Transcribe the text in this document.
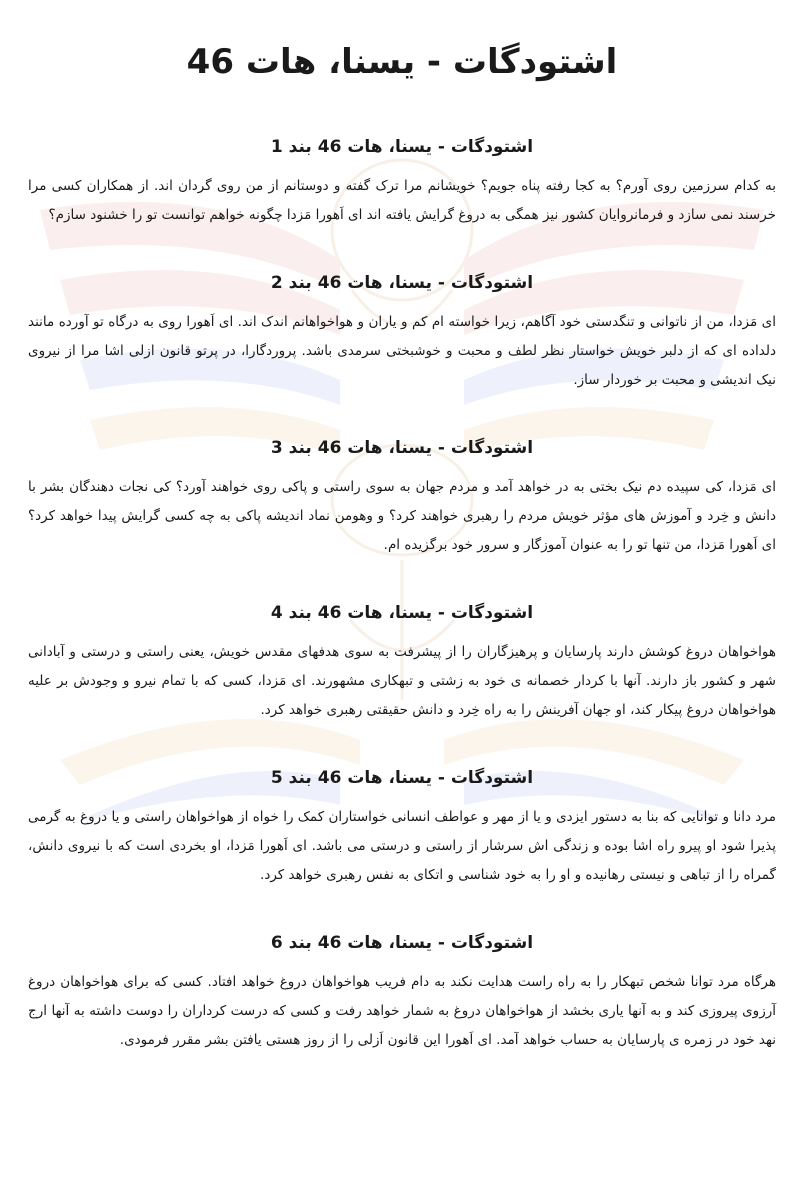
اشتودگات - یسنا، هات 46
اشتودگات - یسنا، هات 46 بند 1

به کدام سرزمین روی آورم؟ به کجا رفته پناه جویم؟ خویشانم مرا ترک گفته و دوستانم از من روی گردان اند. از همکاران کسی مرا خرسند نمی سازد و فرمانروایان کشور نیز همگی به دروغ گرایش یافته اند ای اَهورا مَزدا چگونه خواهم توانست تو را خشنود سازم؟

اشتودگات - یسنا، هات 46 بند 2

ای مَزدا، من از ناتوانی و تنگدستی خود آگاهم، زیرا خواسته ام کم و یاران و هواخواهانم اندک اند. ای اَهورا روی به درگاه تو آورده مانند دلداده ای که از دلبر خویش خواستار نظر لطف و محبت و خوشبختی سرمدی باشد. پروردگارا، در پرتو قانون ازلی اشا مرا از نیروی نیک اندیشی و محبت بر خوردار ساز.

اشتودگات - یسنا، هات 46 بند 3

ای مَزدا، کی سپیده دم نیک بختی به در خواهد آمد و مردم جهان به سوی راستی و پاکی روی خواهند آورد؟ کی نجات دهندگان بشر با دانش و خِرد و آموزش های مؤثر خویش مردم را رهبری خواهند کرد؟ و وهومن نماد اندیشه پاکی به چه کسی گرایش پیدا خواهد کرد؟ ای اَهورا مَزدا، من تنها تو را به عنوان آموزگار و سرور خود برگزیده ام.

اشتودگات - یسنا، هات 46 بند 4

هواخواهان دروغ کوشش دارند پارسایان و پرهیزگاران را از پیشرفت به سوی هدفهای مقدس خویش، یعنی راستی و درستی و آبادانی شهر و کشور باز دارند. آنها با کردار خصمانه ی خود به زشتی و تبهکاری مشهورند. ای مَزدا، کسی که با تمام نیرو و وجودش بر علیه هواخواهان دروغ پیکار کند، او جهان آفرینش را به راه خِرد و دانش حقیقتی رهبری خواهد کرد.

اشتودگات - یسنا، هات 46 بند 5

مرد دانا و توانایی که بنا به دستور ایزدی و یا از مهر و عواطف انسانی خواستاران کمک را خواه از هواخواهان راستی و یا دروغ به گرمی پذیرا شود او پیرو راه اشا بوده و زندگی اش سرشار از راستی و درستی می باشد. ای اَهورا مَزدا، او بخردی است که با نیروی دانش، گمراه را از تباهی و نیستی رهانیده و او را به خود شناسی و اتکای به نفس رهبری خواهد کرد.

اشتودگات - یسنا، هات 46 بند 6

هرگاه مرد توانا شخص تبهکار را به راه راست هدایت نکند به دام فریب هواخواهان دروغ خواهد افتاد. کسی که برای هواخواهان دروغ آرزوی پیروزی کند و به آنها یاری بخشد از هواخواهان دروغ به شمار خواهد رفت و کسی که درست کرداران را دوست داشته به آنها ارج نهد خود در زمره ی پارسایان به حساب خواهد آمد. ای اَهورا این قانون اَزلی را از روز هستی یافتن بشر مقرر فرمودی.
